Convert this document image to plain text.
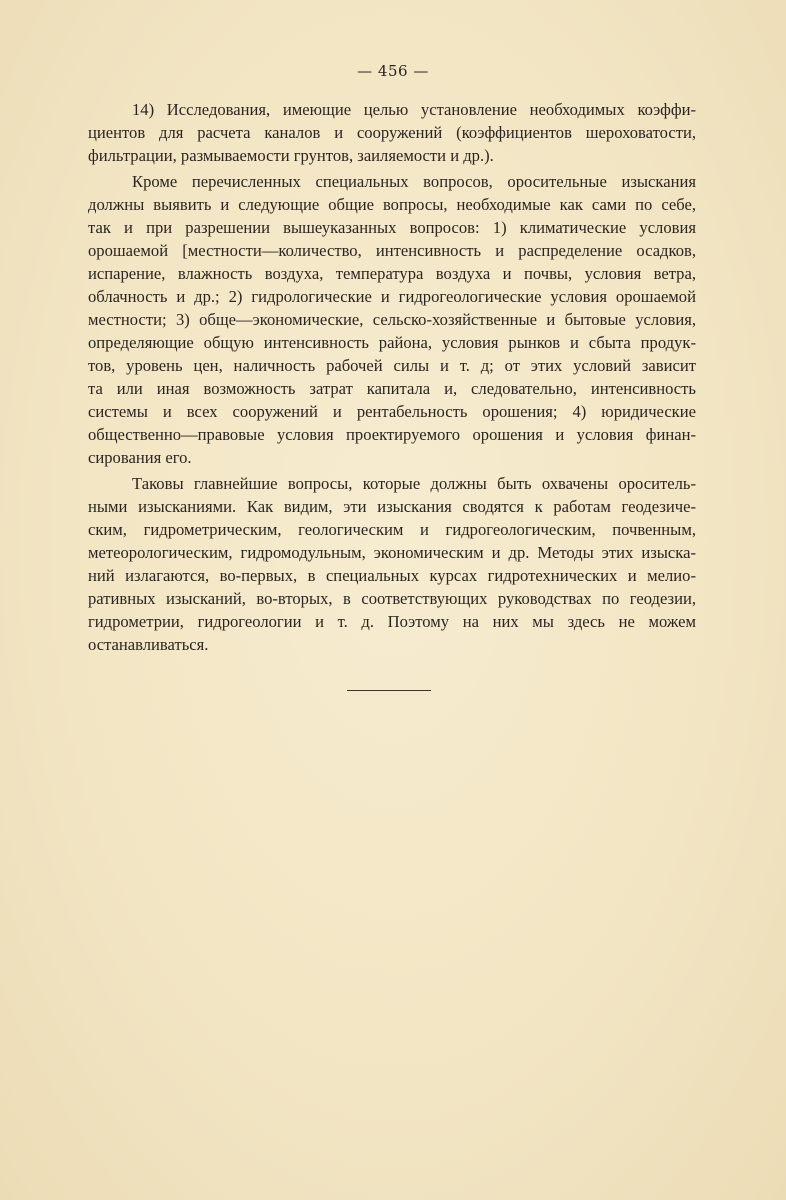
— 456 —
14) Исследования, имеющие целью установление необходимых коэффи-
циентов для расчета каналов и сооружений (коэффициентов шероховатости,
фильтрации, размываемости грунтов, заиляемости и др.).
Кроме перечисленных специальных вопросов, оросительные изыскания
должны выявить и следующие общие вопросы, необходимые как сами по себе,
так и при разрешении вышеуказанных вопросов: 1) климатические условия
орошаемой [местности—количество, интенсивность и распределение осадков,
испарение, влажность воздуха, температура воздуха и почвы, условия ветра,
облачность и др.; 2) гидрологические и гидрогеологические условия орошаемой
местности; 3) обще—экономические, сельско-хозяйственные и бытовые условия,
определяющие общую интенсивность района, условия рынков и сбыта продук-
тов, уровень цен, наличность рабочей силы и т. д; от этих условий зависит
та или иная возможность затрат капитала и, следовательно, интенсивность
системы и всех сооружений и рентабельность орошения; 4) юридические
общественно—правовые условия проектируемого орошения и условия финан-
сирования его.
Таковы главнейшие вопросы, которые должны быть охвачены ороситель-
ными изысканиями. Как видим, эти изыскания сводятся к работам геодезиче-
ским, гидрометрическим, геологическим и гидрогеологическим, почвенным,
метеорологическим, гидромодульным, экономическим и др. Методы этих изыска-
ний излагаются, во-первых, в специальных курсах гидротехнических и мелио-
ративных изысканий, во-вторых, в соответствующих руководствах по геодезии,
гидрометрии, гидрогеологии и т. д. Поэтому на них мы здесь не можем
останавливаться.
